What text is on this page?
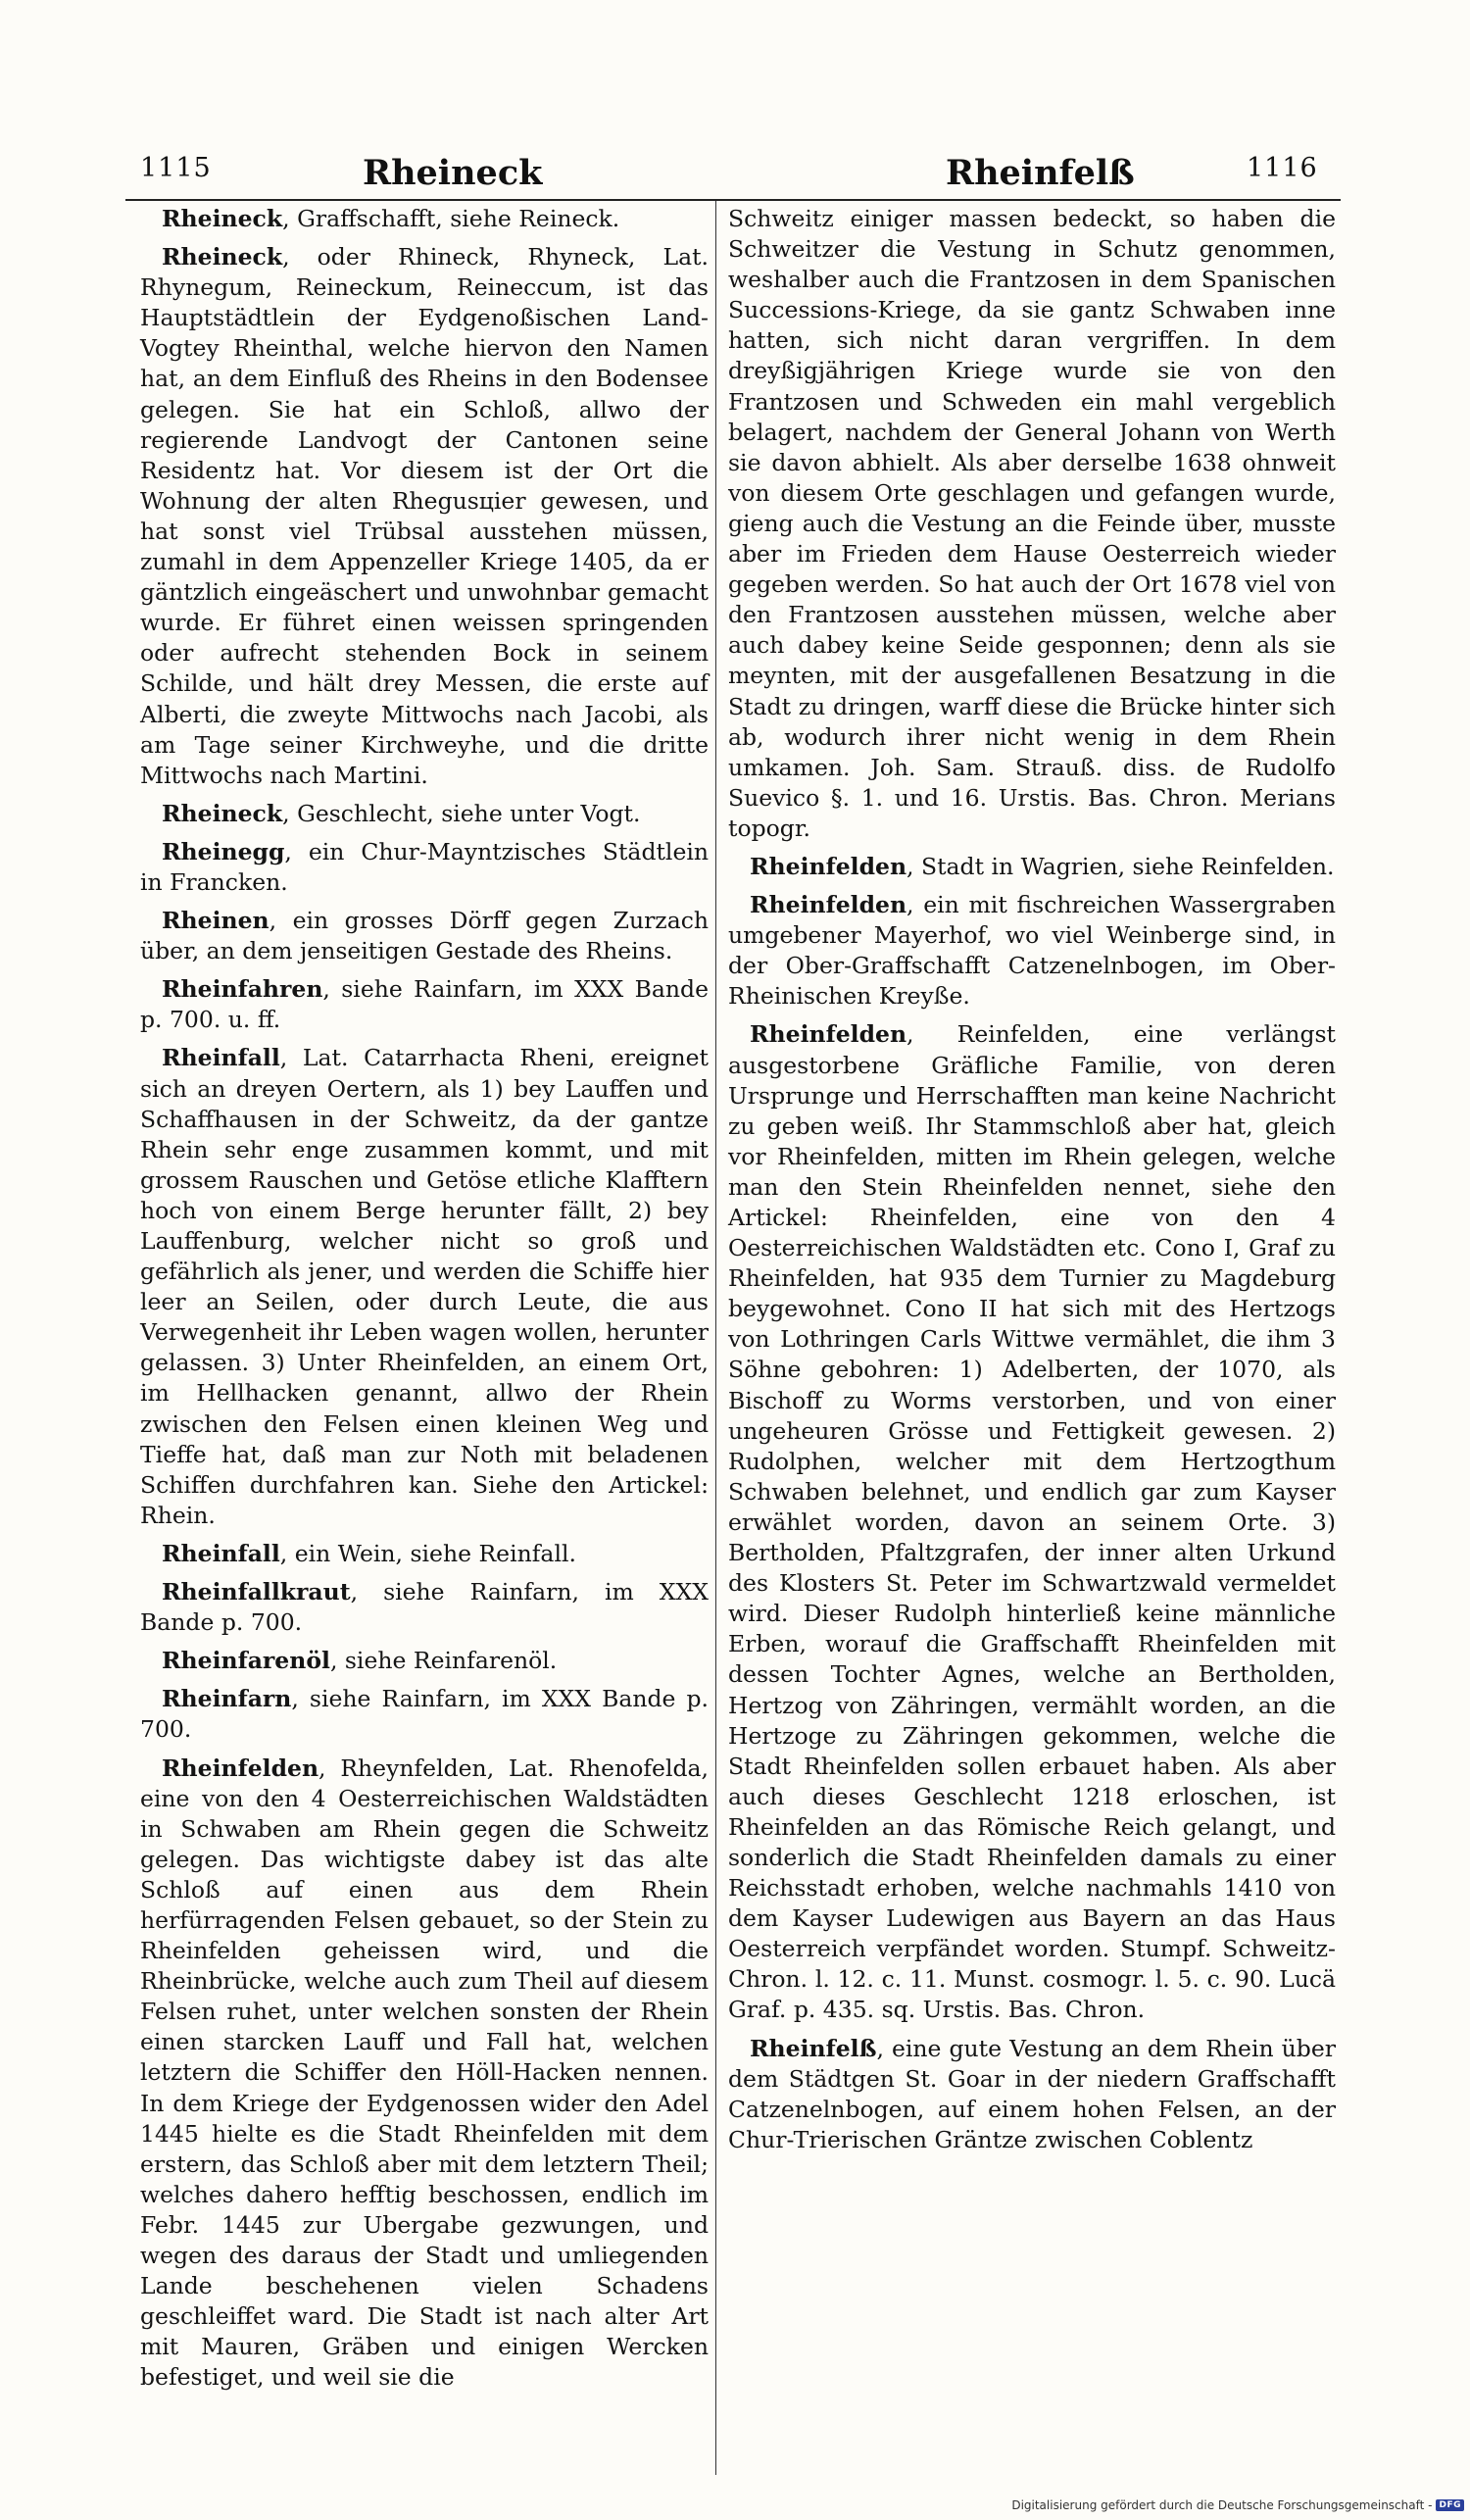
1115	Rheineck	Rheinfelß	1116

Rheineck, Graffschafft, siehe Reineck.

Rheineck, oder Rhineck, Rhyneck, Lat. Rhynegum, Reineckum, Reineccum, ist das Hauptstädtlein der Eydgenoßischen Land-Vogtey Rheinthal, welche hiervon den Namen hat, an dem Einfluß des Rheins in den Bodensee gelegen. Sie hat ein Schloß, allwo der regierende Landvogt der Cantonen seine Residentz hat. Vor diesem ist der Ort die Wohnung der alten Rhegusцier gewesen, und hat sonst viel Trübsal ausstehen müssen, zumahl in dem Appenzeller Kriege 1405, da er gäntzlich eingeäschert und unwohnbar gemacht wurde. Er führet einen weissen springenden oder aufrecht stehenden Bock in seinem Schilde, und hält drey Messen, die erste auf Alberti, die zweyte Mittwochs nach Jacobi, als am Tage seiner Kirchweyhe, und die dritte Mittwochs nach Martini.

Rheineck, Geschlecht, siehe unter Vogt.

Rheinegg, ein Chur-Mayntzisches Städtlein in Francken.

Rheinen, ein grosses Dörff gegen Zurzach über, an dem jenseitigen Gestade des Rheins.

Rheinfahren, siehe Rainfarn, im XXX Bande p. 700. u. ff.

Rheinfall, Lat. Catarrhacta Rheni, ereignet sich an dreyen Oertern, als 1) bey Lauffen und Schaffhausen in der Schweitz, da der gantze Rhein sehr enge zusammen kommt, und mit grossem Rauschen und Getöse etliche Klafftern hoch von einem Berge herunter fällt, 2) bey Lauffenburg, welcher nicht so groß und gefährlich als jener, und werden die Schiffe hier leer an Seilen, oder durch Leute, die aus Verwegenheit ihr Leben wagen wollen, herunter gelassen. 3) Unter Rheinfelden, an einem Ort, im Hellhacken genannt, allwo der Rhein zwischen den Felsen einen kleinen Weg und Tieffe hat, daß man zur Noth mit beladenen Schiffen durchfahren kan. Siehe den Artickel: Rhein.

Rheinfall, ein Wein, siehe Reinfall.

Rheinfallkraut, siehe Rainfarn, im XXX Bande p. 700.

Rheinfarenöl, siehe Reinfarenöl.

Rheinfarn, siehe Rainfarn, im XXX Bande p. 700.

Rheinfelden, Rheynfelden, Lat. Rhenofelda, eine von den 4 Oesterreichischen Waldstädten in Schwaben am Rhein gegen die Schweitz gelegen. Das wichtigste dabey ist das alte Schloß auf einen aus dem Rhein herfürragenden Felsen gebauet, so der Stein zu Rheinfelden geheissen wird, und die Rheinbrücke, welche auch zum Theil auf diesem Felsen ruhet, unter welchen sonsten der Rhein einen starcken Lauff und Fall hat, welchen letztern die Schiffer den Höll-Hacken nennen. In dem Kriege der Eydgenossen wider den Adel 1445 hielte es die Stadt Rheinfelden mit dem erstern, das Schloß aber mit dem letztern Theil; welches dahero hefftig beschossen, endlich im Febr. 1445 zur Ubergabe gezwungen, und wegen des daraus der Stadt und umliegenden Lande beschehenen vielen Schadens geschleiffet ward. Die Stadt ist nach alter Art mit Mauren, Gräben und einigen Wercken befestiget, und weil sie die

Schweitz einiger massen bedeckt, so haben die Schweitzer die Vestung in Schutz genommen, weshalber auch die Frantzosen in dem Spanischen Successions-Kriege, da sie gantz Schwaben inne hatten, sich nicht daran vergriffen. In dem dreyßigjährigen Kriege wurde sie von den Frantzosen und Schweden ein mahl vergeblich belagert, nachdem der General Johann von Werth sie davon abhielt. Als aber derselbe 1638 ohnweit von diesem Orte geschlagen und gefangen wurde, gieng auch die Vestung an die Feinde über, musste aber im Frieden dem Hause Oesterreich wieder gegeben werden. So hat auch der Ort 1678 viel von den Frantzosen ausstehen müssen, welche aber auch dabey keine Seide gesponnen; denn als sie meynten, mit der ausgefallenen Besatzung in die Stadt zu dringen, warff diese die Brücke hinter sich ab, wodurch ihrer nicht wenig in dem Rhein umkamen. Joh. Sam. Strauß. diss. de Rudolfo Suevico §. 1. und 16. Urstis. Bas. Chron. Merians topogr.

Rheinfelden, Stadt in Wagrien, siehe Reinfelden.

Rheinfelden, ein mit fischreichen Wassergraben umgebener Mayerhof, wo viel Weinberge sind, in der Ober-Graffschafft Catzenelnbogen, im Ober-Rheinischen Kreyße.

Rheinfelden, Reinfelden, eine verlängst ausgestorbene Gräfliche Familie, von deren Ursprunge und Herrschafften man keine Nachricht zu geben weiß. Ihr Stammschloß aber hat, gleich vor Rheinfelden, mitten im Rhein gelegen, welche man den Stein Rheinfelden nennet, siehe den Artickel: Rheinfelden, eine von den 4 Oesterreichischen Waldstädten etc. Cono I, Graf zu Rheinfelden, hat 935 dem Turnier zu Magdeburg beygewohnet. Cono II hat sich mit des Hertzogs von Lothringen Carls Wittwe vermählet, die ihm 3 Söhne gebohren: 1) Adelberten, der 1070, als Bischoff zu Worms verstorben, und von einer ungeheuren Grösse und Fettigkeit gewesen. 2) Rudolphen, welcher mit dem Hertzogthum Schwaben belehnet, und endlich gar zum Kayser erwählet worden, davon an seinem Orte. 3) Bertholden, Pfaltzgrafen, der inner alten Urkund des Klosters St. Peter im Schwartzwald vermeldet wird. Dieser Rudolph hinterließ keine männliche Erben, worauf die Graffschafft Rheinfelden mit dessen Tochter Agnes, welche an Bertholden, Hertzog von Zähringen, vermählt worden, an die Hertzoge zu Zähringen gekommen, welche die Stadt Rheinfelden sollen erbauet haben. Als aber auch dieses Geschlecht 1218 erloschen, ist Rheinfelden an das Römische Reich gelangt, und sonderlich die Stadt Rheinfelden damals zu einer Reichsstadt erhoben, welche nachmahls 1410 von dem Kayser Ludewigen aus Bayern an das Haus Oesterreich verpfändet worden. Stumpf. Schweitz-Chron. l. 12. c. 11. Munst. cosmogr. l. 5. c. 90. Lucä Graf. p. 435. sq. Urstis. Bas. Chron.

Rheinfelß, eine gute Vestung an dem Rhein über dem Städtgen St. Goar in der niedern Graffschafft Catzenelnbogen, auf einem hohen Felsen, an der Chur-Trierischen Gräntze zwischen Coblentz

Digitalisierung gefördert durch die Deutsche Forschungsgemeinschaft - DFG
